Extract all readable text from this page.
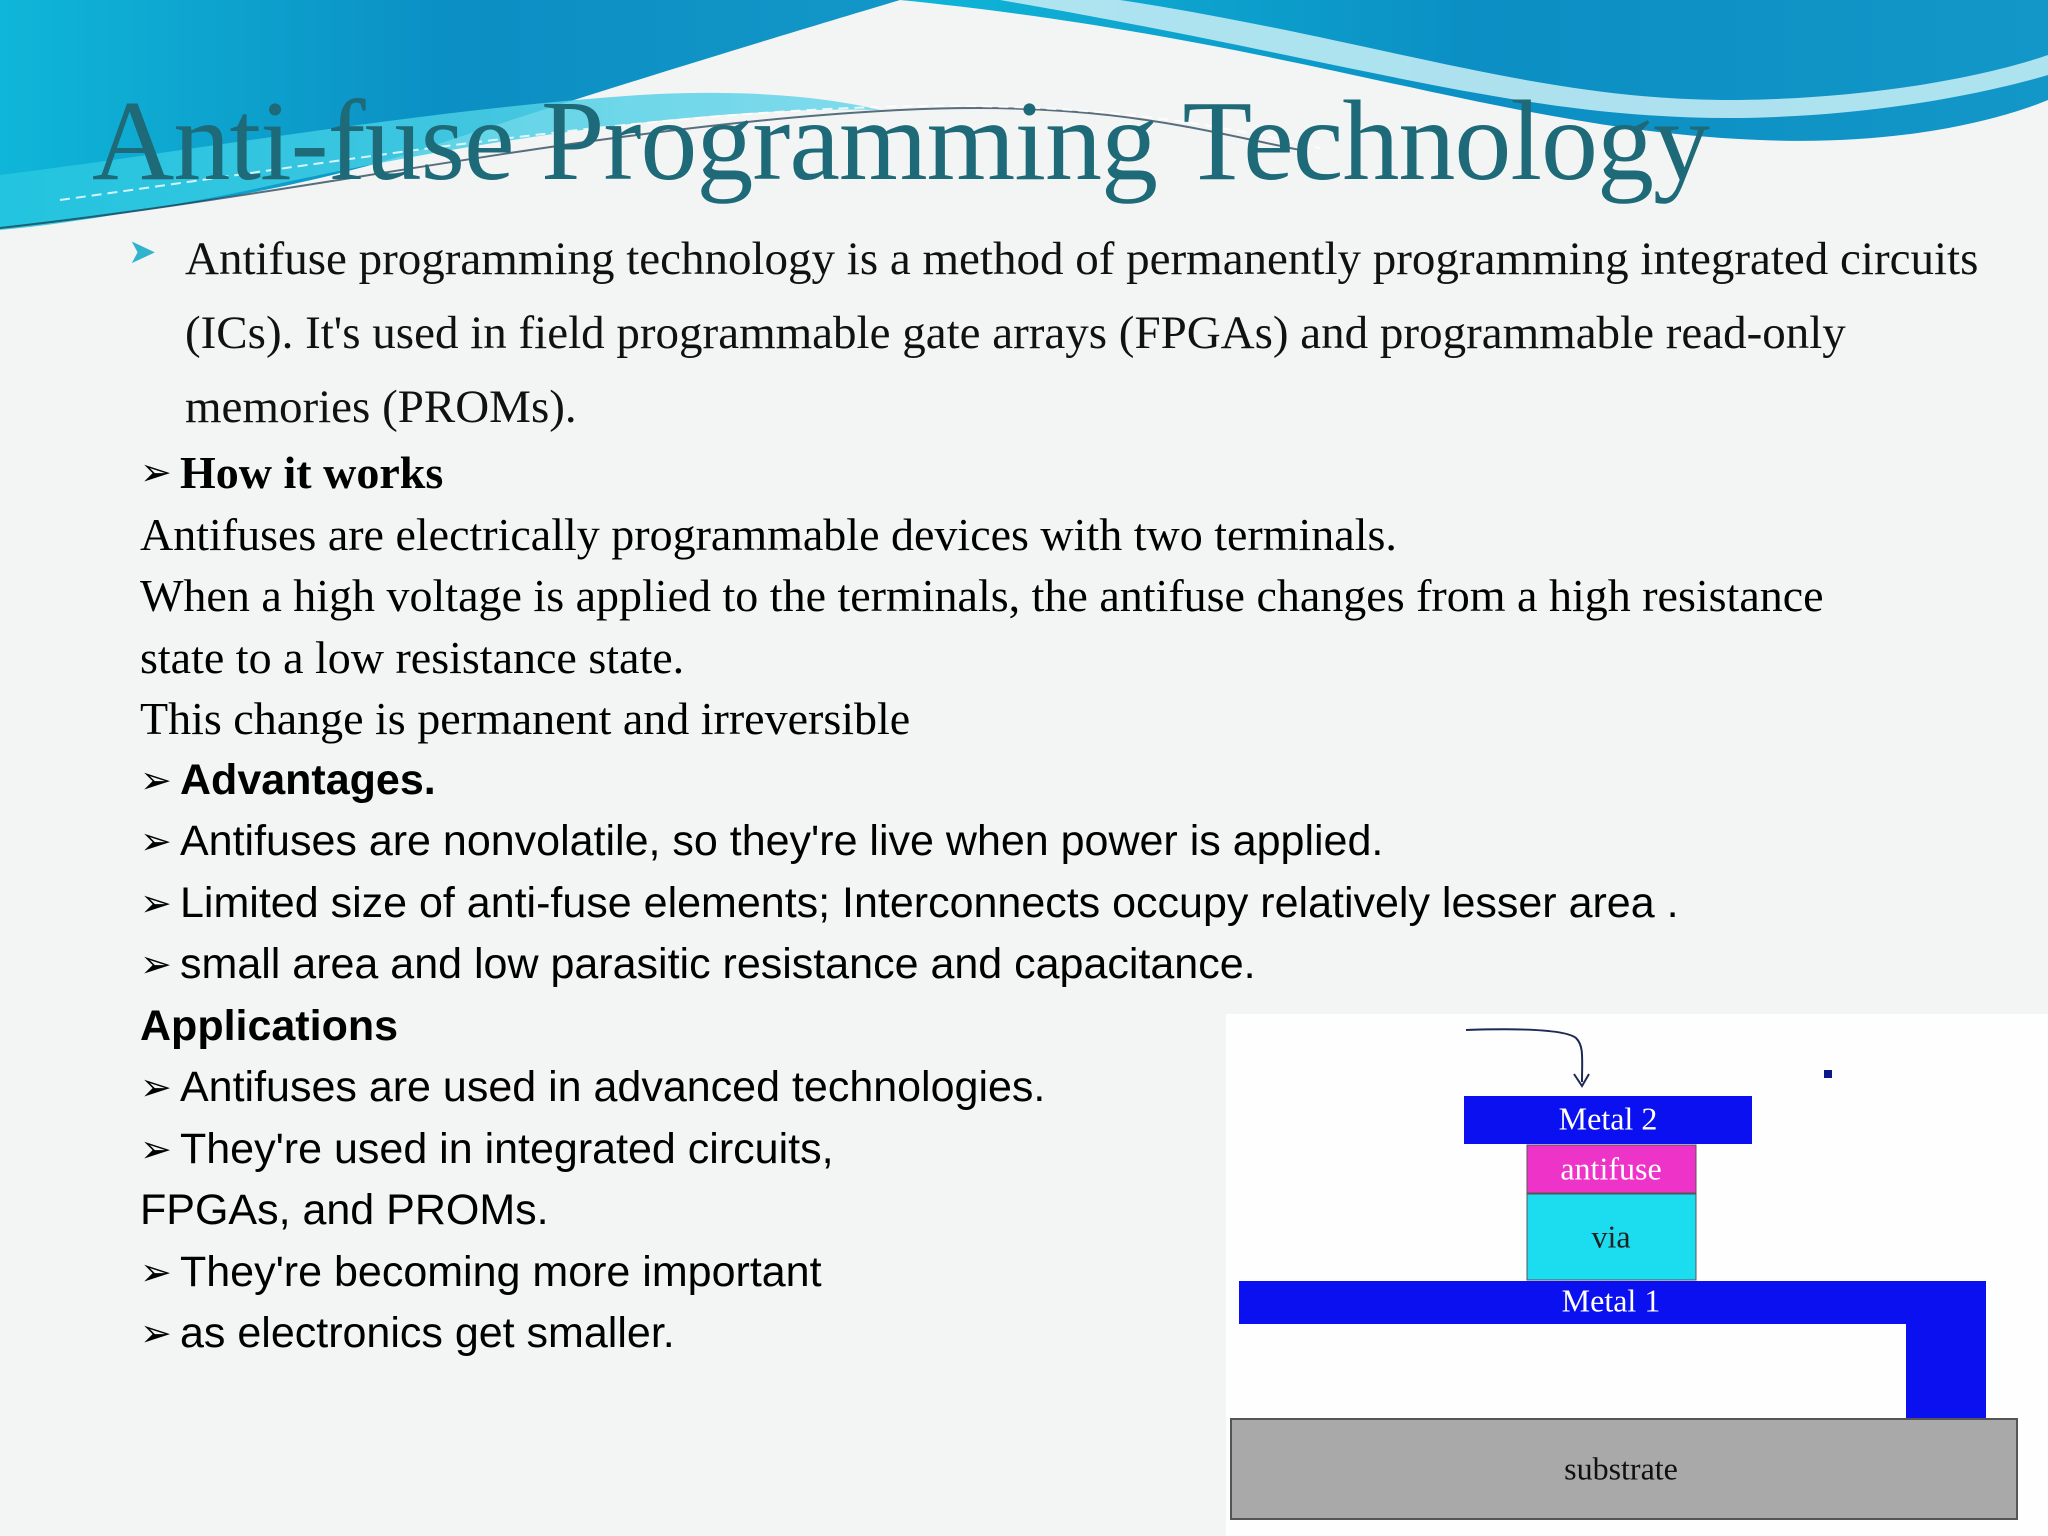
Anti-fuse Programming Technology
➤ Antifuse programming technology is a method of permanently programming integrated circuits (ICs). It's used in field programmable gate arrays (FPGAs) and programmable read-only memories (PROMs).

➢ How it works
Antifuses are electrically programmable devices with two terminals.
When a high voltage is applied to the terminals, the antifuse changes from a high resistance
state to a low resistance state.
This change is permanent and irreversible
➢ Advantages.
➢ Antifuses are nonvolatile, so they're live when power is applied.
➢ Limited size of anti-fuse elements; Interconnects occupy relatively lesser area .
➢ small area and low parasitic resistance and capacitance.
Applications
➢ Antifuses are used in advanced technologies.
➢ They're used in integrated circuits,
FPGAs, and PROMs.
➢ They're becoming more important
➢ as electronics get smaller.
Metal 2
antifuse
via
Metal 1
substrate
